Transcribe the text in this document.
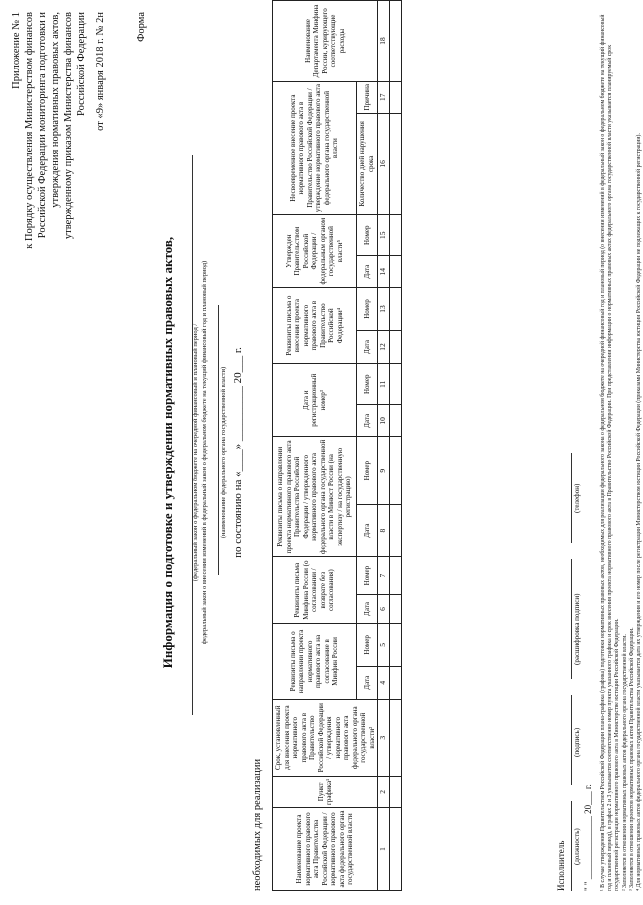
Приложение № 1 к Порядку осуществления Министерством финансов Российской Федерации мониторинга подготовки и утверждения нормативных правовых актов, утвержденному приказом Министерства финансов Российской Федерации от «9» января 2018 г. № 2н	Форма
Информация о подготовке и утверждении нормативных правовых актов,	(федеральный закон о федеральном бюджете на очередной финансовый и плановый период / федеральный закон о внесении изменений в федеральный закон о федеральном бюджете на текущий финансовый год и плановый период) (наименование федерального органа государственной власти) по состоянию на «____» __________ 20___ г.
необходимых для реализации	Наименование проекта нормативного правового акта Правительства Российской Федерации / нормативного правового акта федерального органа государственной власти	Пункт графика¹	Срок, установленный для внесения проекта нормативного правового акта в Правительство Российской Федерации / утверждения нормативного правового акта федерального органа государственной власти²	Реквизиты письма о направлении проекта нормативного правового акта на согласование в Минфин России		Реквизиты письма Минфина России (о согласовании / возврате без согласования)		Реквизиты письма о направлении проекта нормативного правового акта Правительства Российской Федерации / утвержденного нормативного правового акта федерального органа государственной власти в Минюст России (на экспертизу / на государственную регистрацию)		Дата и регистрационный номер³		Реквизиты письма о внесении проекта нормативного правового акта в Правительство Российской Федерации⁴		Утвержден Правительством Российской Федерации / федеральным органом государственной власти⁵		Несвоевременное внесение проекта нормативного правового акта в Правительство Российской Федерации / утверждение нормативного правового акта федерального органа государственной власти		Наименование Департамента Минфина России, курирующего соответствующие расходы
			Дата	Номер	Дата	Номер	Дата	Номер	Дата	Номер	Дата	Номер	Дата	Номер	Количество дней нарушения срока	Причина	
1	2	3	4	5	6	7	8	9	10	11	12	13	14	15	16	17	18

Исполнитель (должность)
(подпись)
(расшифровка подписи)
(телефон)
" " ______________ 20___ г. ¹ В случае утверждения Правительством Российской Федерации плана-графика (графика) подготовки нормативных правовых актов, необходимых для реализации федерального закона о федеральном бюджете на очередной финансовый год и плановый период (о внесении изменений в федеральный закон о федеральном бюджете на текущий финансовый год и плановый период), в графах 2 и 3 указывается соответственно номер пункта указанного графика и срок внесения проекта нормативного правового акта в Правительство Российской Федерации. При представлении информации о нормативных правовых актах федерального органа государственной власти указывается планируемый срок государственной регистрации нормативного правового акта в Министерстве юстиции Российской Федерации. ² Заполняется в отношении нормативных правовых актов федерального органа государственной власти. ³ Заполняется в отношении проектов нормативных правовых актов Правительства Российской Федерации. ⁴ Для нормативных правовых актов федерального органа государственной власти указывается дата их утверждения и его номер после регистрации Министерством юстиции Российской Федерации (приказами Министерства юстиции Российской Федерации не подлежащих к государственной регистрации).
